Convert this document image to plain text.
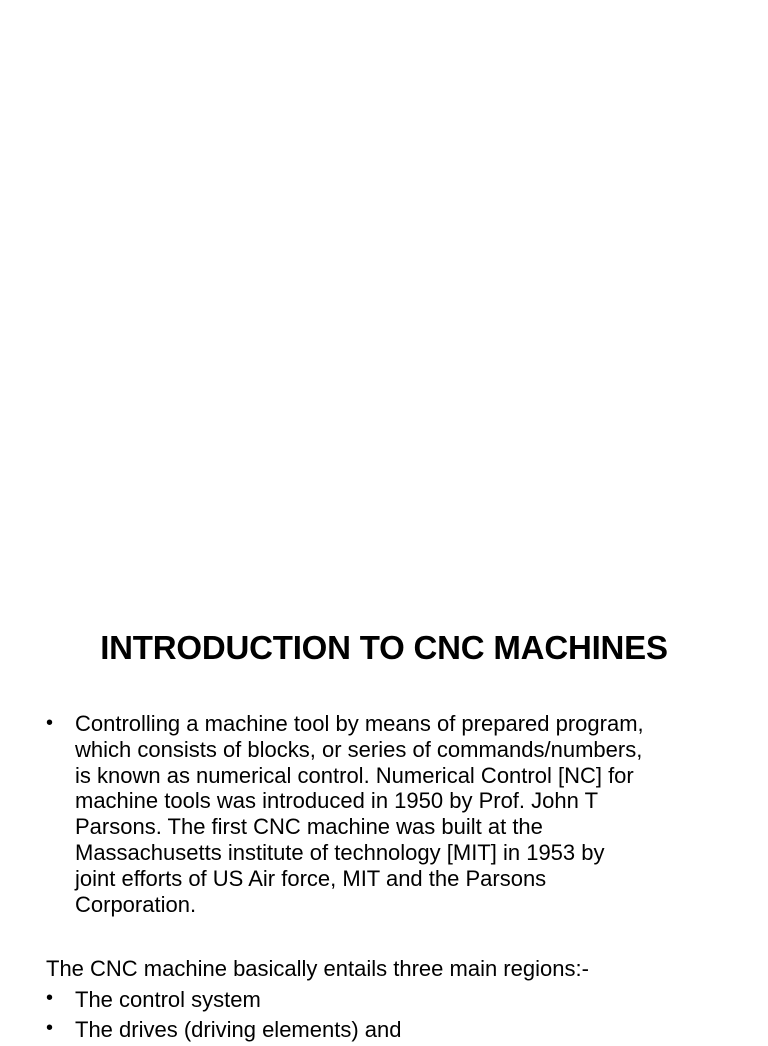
INTRODUCTION TO CNC MACHINES
• Controlling a machine tool by means of prepared program,
which consists of blocks, or series of commands/numbers,
is known as numerical control. Numerical Control [NC] for
machine tools was introduced in 1950 by Prof. John T
Parsons. The first CNC machine was built at the
Massachusetts institute of technology [MIT] in 1953 by
joint efforts of US Air force, MIT and the Parsons
Corporation.
The CNC machine basically entails three main regions:-
• The control system
• The drives (driving elements) and
